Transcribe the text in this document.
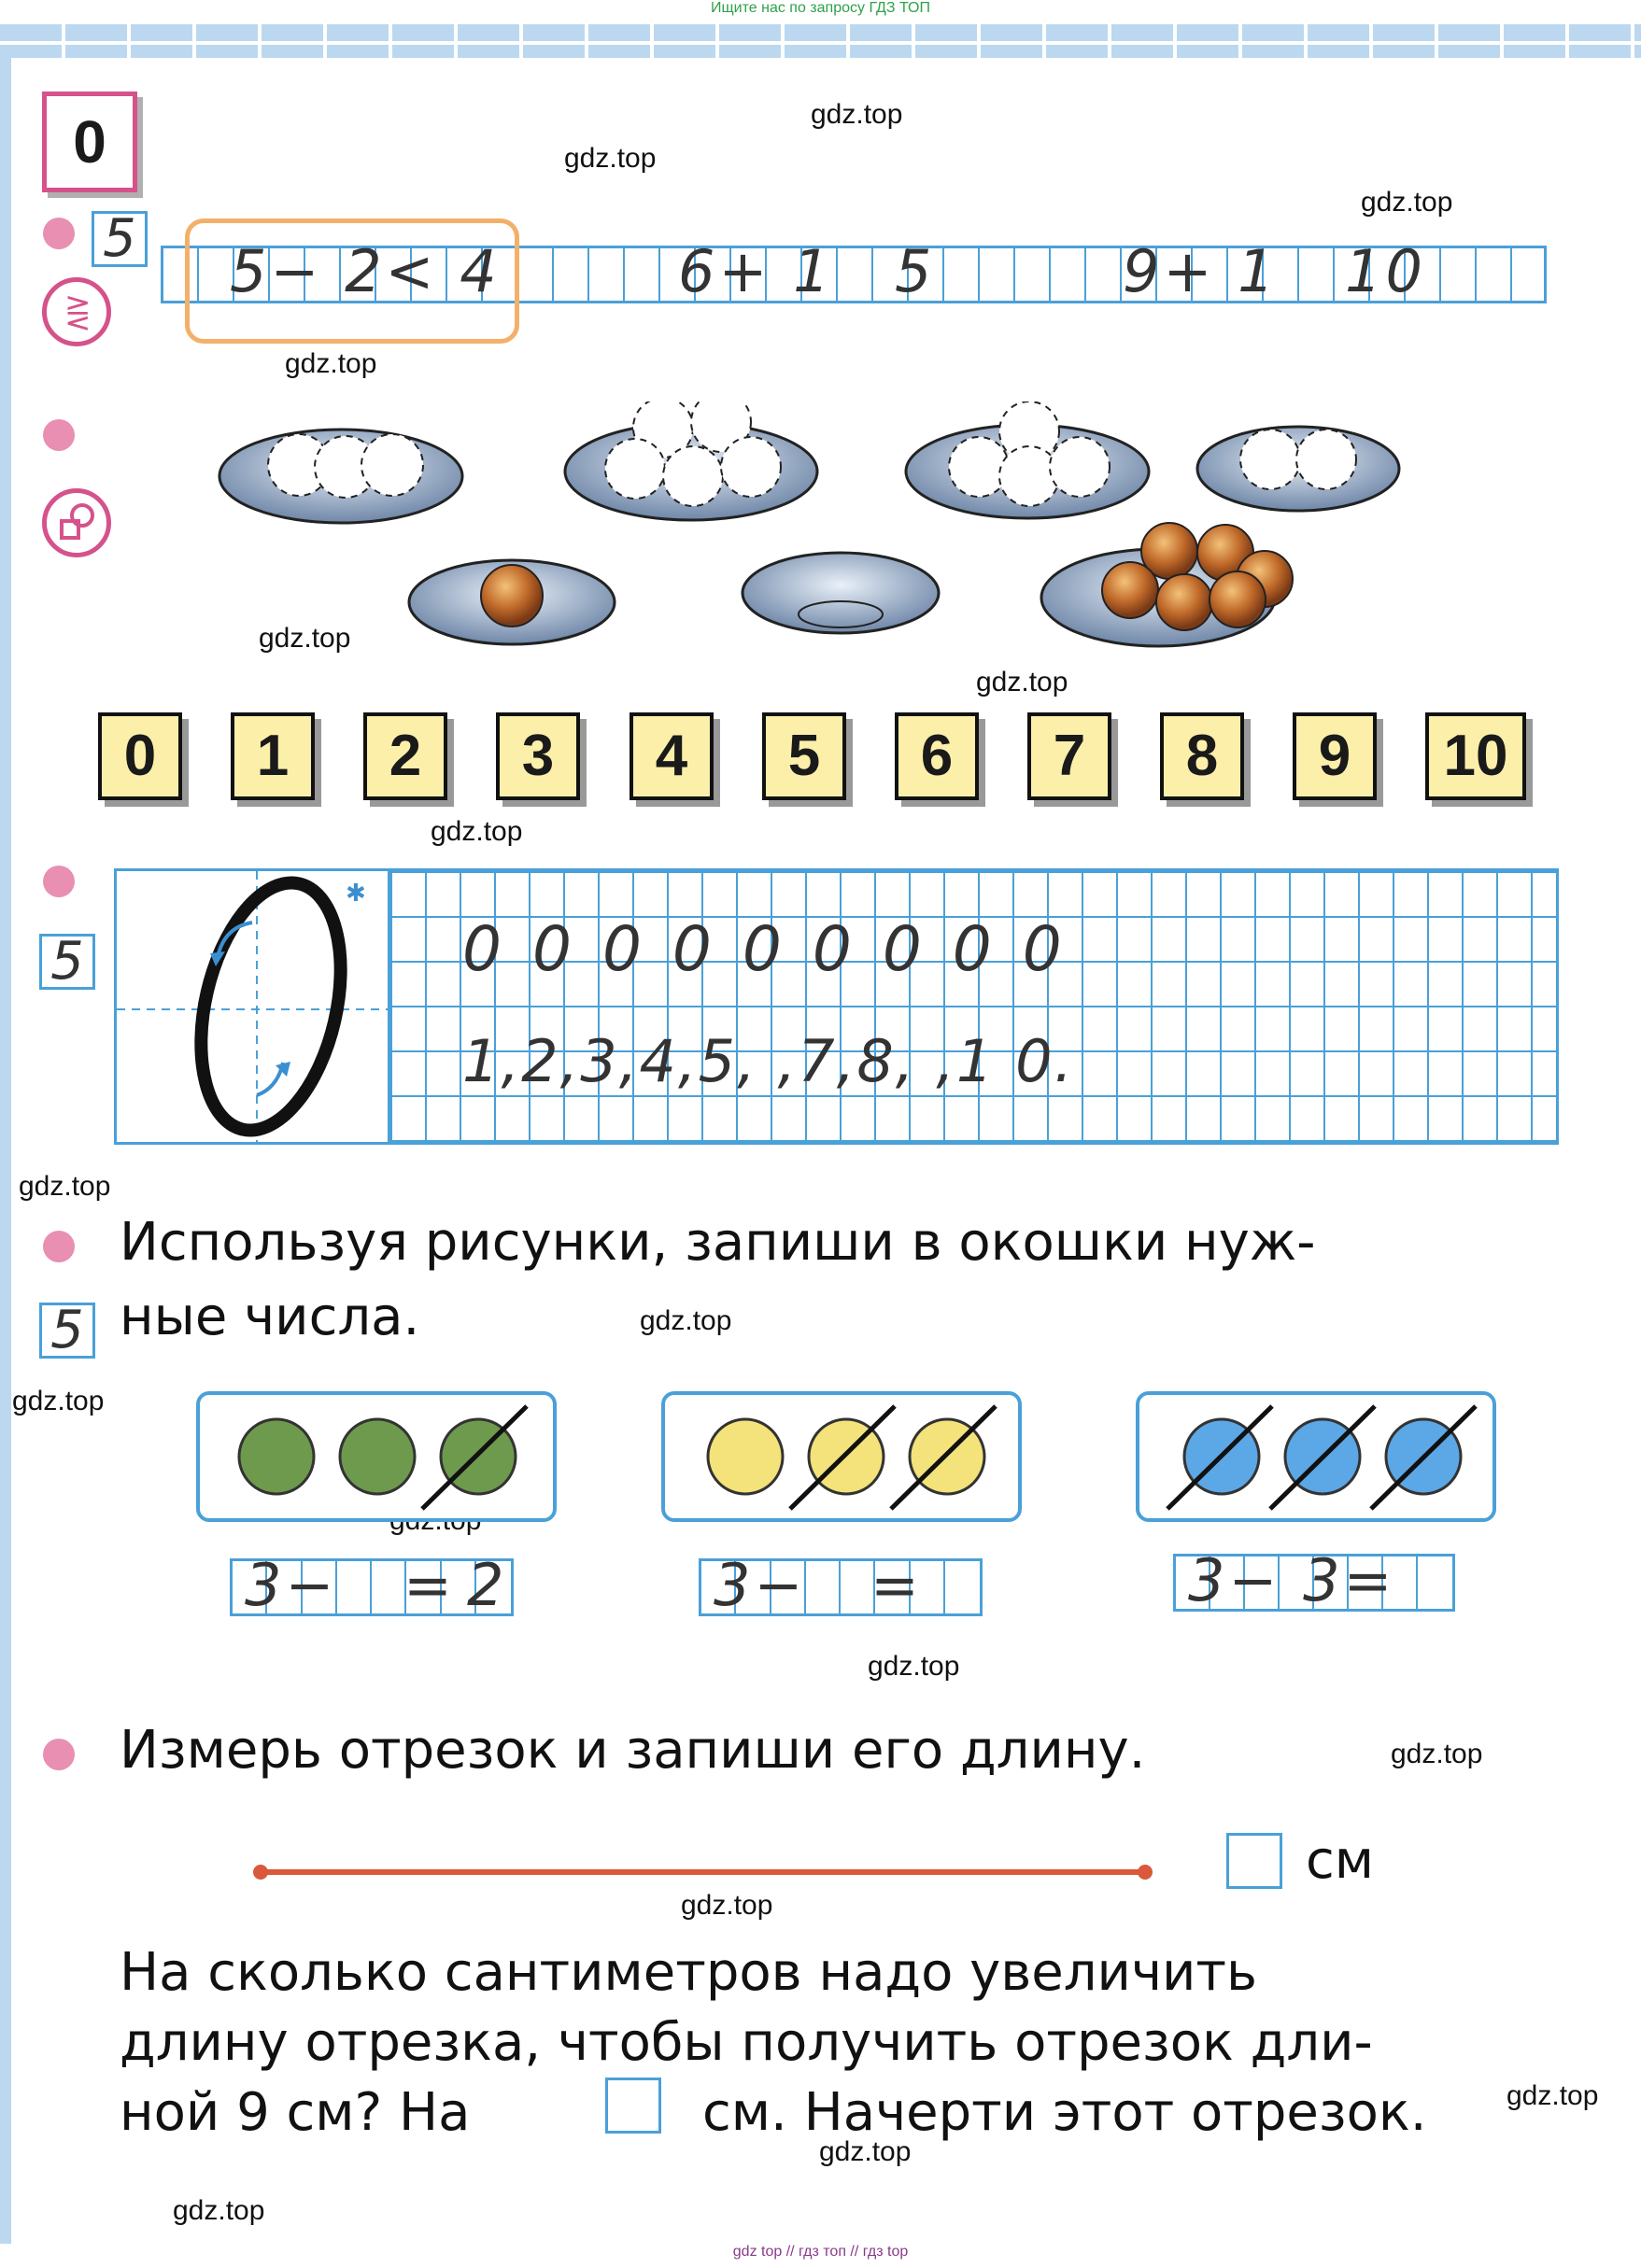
Ищите нас по запросу ГДЗ ТОП
0	gdz.top
gdz.top
gdz.top
gdz.top
gdz.top
gdz.top
gdz.top
gdz.top
gdz.top
gdz.top
gdz.top
gdz.top
gdz.top
gdz.top
gdz.top
gdz.top
5
⋛
5− 2< 4	6+ 1 5	9+ 1 10
0	1	2	3	4	5	6	7	8	9	10
5
✱
0 0 0 0 0 0 0 0 0
1,2,3,4,5, ,7,8, ,1 0.
5
Используя рисунки, запиши в окошки нуж-
ные числа.
3− = 2	3− =	3− 3=
Измерь отрезок и запиши его длину.
см
На сколько сантиметров надо увеличить
длину отрезка, чтобы получить отрезок дли-
ной 9 см? На	см. Начерти этот отрезок.
gdz top // гдз топ // гдз top
